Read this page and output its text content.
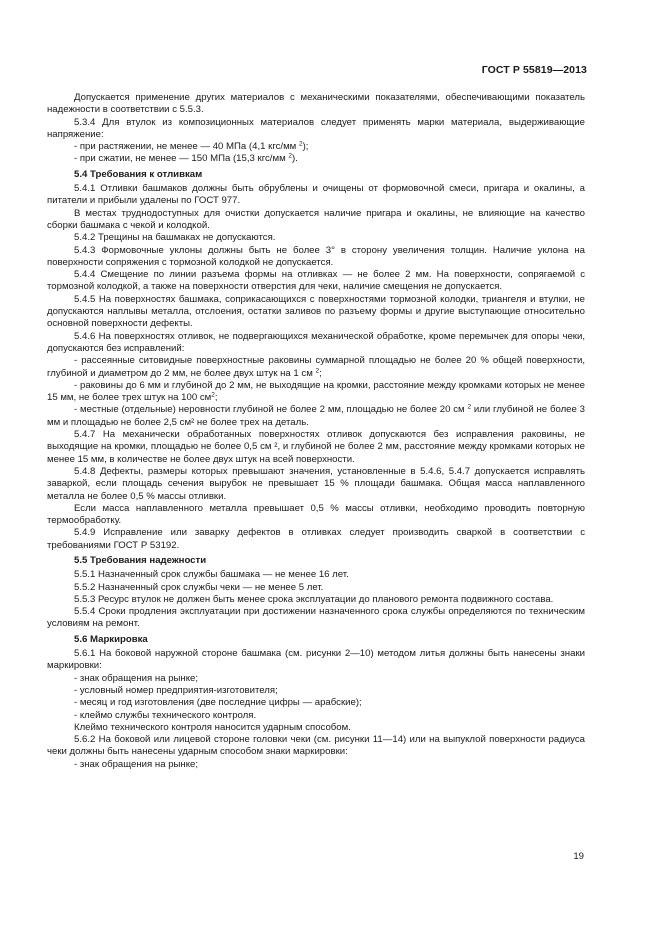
ГОСТ Р 55819—2013
Допускается применение других материалов с механическими показателями, обеспечивающими показатель надежности в соответствии с 5.5.3.
5.3.4 Для втулок из композиционных материалов следует применять марки материала, выдерживающие напряжение:
- при растяжении, не менее — 40 МПа (4,1 кгс/мм $^2$);
- при сжатии, не менее — 150 МПа (15,3 кгс/мм $^2$).
5.4 Требования к отливкам
5.4.1 Отливки башмаков должны быть обрублены и очищены от формовочной смеси, пригара и окалины, а питатели и прибыли удалены по ГОСТ 977.
В местах труднодоступных для очистки допускается наличие пригара и окалины, не влияющие на качество сборки башмака с чекой и колодкой.
5.4.2 Трещины на башмаках не допускаются.
5.4.3 Формовочные уклоны должны быть не более 3° в сторону увеличения толщин. Наличие уклона на поверхности сопряжения с тормозной колодкой не допускается.
5.4.4 Смещение по линии разъема формы на отливках — не более 2 мм. На поверхности, сопрягаемой с тормозной колодкой, а также на поверхности отверстия для чеки, наличие смещения не допускается.
5.4.5 На поверхностях башмака, соприкасающихся с поверхностями тормозной колодки, триангеля и втулки, не допускаются наплывы металла, отслоения, остатки заливов по разъему формы и другие выступающие относительно основной поверхности дефекты.
5.4.6 На поверхностях отливок, не подвергающихся механической обработке, кроме перемычек для опоры чеки, допускаются без исправлений:
- рассеянные ситовидные поверхностные раковины суммарной площадью не более 20 % общей поверхности, глубиной и диаметром до 2 мм, не более двух штук на 1 см $^2$;
- раковины до 6 мм и глубиной до 2 мм, не выходящие на кромки, расстояние между кромками которых не менее 15 мм, не более трех штук на 100 $см^2$;
- местные (отдельные) неровности глубиной не более 2 мм, площадью не более 20 см $^2$ или глубиной не более 3 мм и площадью не более 2,5 см² не более трех на деталь.
5.4.7 На механически обработанных поверхностях отливок допускаются без исправления раковины, не выходящие на кромки, площадью не более 0,5 см ², и глубиной не более 2 мм, расстояние между кромками которых не менее 15 мм, в количестве не более двух штук на всей поверхности.
5.4.8 Дефекты, размеры которых превышают значения, установленные в 5.4.6, 5.4.7 допускается исправлять заваркой, если площадь сечения вырубок не превышает 15 % площади башмака. Общая масса наплавленного металла не более 0,5 % массы отливки.
Если масса наплавленного металла превышает 0,5 % массы отливки, необходимо проводить повторную термообработку.
5.4.9 Исправление или заварку дефектов в отливках следует производить сваркой в соответствии с требованиями ГОСТ Р 53192.
5.5 Требования надежности
5.5.1 Назначенный срок службы башмака — не менее 16 лет.
5.5.2 Назначенный срок службы чеки — не менее 5 лет.
5.5.3 Ресурс втулок не должен быть менее срока эксплуатации до планового ремонта подвижного состава.
5.5.4 Сроки продления эксплуатации при достижении назначенного срока службы определяются по техническим условиям на ремонт.
5.6 Маркировка
5.6.1 На боковой наружной стороне башмака (см. рисунки 2—10) методом литья должны быть нанесены знаки маркировки:
- знак обращения на рынке;
- условный номер предприятия-изготовителя;
- месяц и год изготовления (две последние цифры — арабские);
- клеймо службы технического контроля.
Клеймо технического контроля наносится ударным способом.
5.6.2 На боковой или лицевой стороне головки чеки (см. рисунки 11—14) или на выпуклой поверхности радиуса чеки должны быть нанесены ударным способом знаки маркировки:
- знак обращения на рынке;
19
